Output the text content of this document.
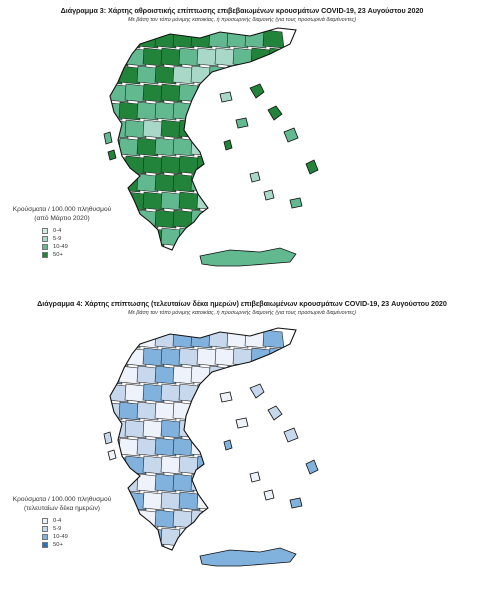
Διάγραμμα 3: Χάρτης αθροιστικής επίπτωσης επιβεβαιωμένων κρουσμάτων COVID-19, 23 Αυγούστου 2020
Με βάση τον τόπο μόνιμης κατοικίας, ή προσωρινής διαμονής (για τους προσωρινά διαμένοντες)
Κρούσματα / 100.000 πληθυσμού
(από Μάρτιο 2020)
0-4
5-9
10-49
50+
Διάγραμμα 4: Χάρτης επίπτωσης (τελευταίων δέκα ημερών) επιβεβαιωμένων κρουσμάτων COVID-19, 23 Αυγούστου 2020
Με βάση τον τόπο μόνιμης κατοικίας, ή προσωρινής διαμονής (για τους προσωρινά διαμένοντες)
Κρούσματα / 100.000 πληθυσμού
(τελευταίων δέκα ημερών)
0-4
5-9
10-49
50+
